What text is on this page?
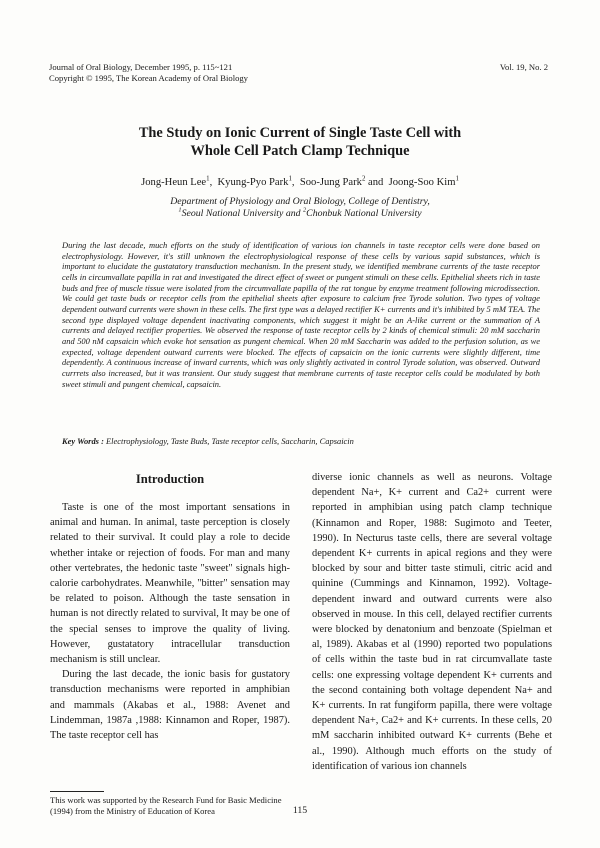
Journal of Oral Biology, December 1995, p. 115~121
Copyright © 1995, The Korean Academy of Oral Biology
Vol. 19, No. 2
The Study on Ionic Current of Single Taste Cell with
Whole Cell Patch Clamp Technique
Jong-Heun Lee$^1$,  Kyung-Pyo Park$^1$,  Soo-Jung Park$^2$ and  Joong-Soo Kim$^1$
Department of Physiology and Oral Biology, College of Dentistry,
$^1$Seoul National University and $^2$Chonbuk National University
During the last decade, much efforts on the study of identification of various ion channels in taste receptor cells were done based on electrophysiology. However, it's still unknown the electrophysiological response of these cells by various sapid substances, which is important to elucidate the gustatatory transduction mechanism. In the present study, we identified membrane currents of the taste receptor cells in circumvallate papilla in rat and investigated the direct effect of sweet or pungent stimuli on these cells. Epithelial sheets rich in taste buds and free of muscle tissue were isolated from the circumvallate papilla of the rat tongue by enzyme treatment following microdissection. We could get taste buds or receptor cells from the epithelial sheets after exposure to calcium free Tyrode solution. Two types of voltage dependent outward currents were shown in these cells. The first type was a delayed rectifier K+ currents and it's inhibited by 5 mM TEA. The second type displayed voltage dependent inactivating components, which suggest it might be an A-like current or the summation of A currents and delayed rectifier properties. We observed the response of taste receptor cells by 2 kinds of chemical stimuli: 20 mM saccharin and 500 nM capsaicin which evoke hot sensation as pungent chemical. When 20 mM Saccharin was added to the perfusion solution, as we expected, voltage dependent outward currents were blocked. The effects of capsaicin on the ionic currents were slightly different, time dependently. A continuous increase of inward currents, which was only slightly activated in control Tyrode solution, was observed. Outward currrets also increased, but it was transient. Our study suggest that membrane currents of taste receptor cells could be modulated by both sweet stimuli and pungent chemical, capsaicin.
Key Words : Electrophysiology, Taste Buds, Taste receptor cells, Saccharin, Capsaicin
Introduction

Taste is one of the most important sensations in animal and human. In animal, taste perception is closely related to their survival. It could play a role to decide whether intake or rejection of foods. For man and many other vertebrates, the hedonic taste "sweet" signals high-calorie carbohydrates. Meanwhile, "bitter" sensation may be related to poison. Although the taste sensation in human is not directly related to survival, It may be one of the special senses to improve the quality of living. However, gustatatory intracellular transduction mechanism is still unclear.

During the last decade, the ionic basis for gustatory transduction mechanisms were reported in amphibian and mammals (Akabas et al., 1988: Avenet and Lindemman, 1987a ,1988: Kinnamon and Roper, 1987). The taste receptor cell has

diverse ionic channels as well as neurons. Voltage dependent Na+, K+ current and Ca2+ current were reported in amphibian using patch clamp technique (Kinnamon and Roper, 1988: Sugimoto and Teeter, 1990). In Necturus taste cells, there are several voltage dependent K+ currents in apical regions and they were blocked by sour and bitter taste stimuli, citric acid and quinine (Cummings and Kinnamon, 1992). Voltage-dependent inward and outward currents were also observed in mouse. In this cell, delayed rectifier currents were blocked by denatonium and benzoate (Spielman et al, 1989). Akabas et al (1990) reported two populations of cells within the taste bud in rat circumvallate taste cells: one expressing voltage dependent K+ currents and the second containing both voltage dependent Na+ and K+ currents. In rat fungiform papilla, there were voltage dependent Na+, Ca2+ and K+ currents. In these cells, 20 mM saccharin inhibited outward K+ currents (Behe et al., 1990). Although much efforts on the study of identification of various ion channels

This work was supported by the Research Fund for Basic Medicine (1994) from the Ministry of Education of Korea	115
